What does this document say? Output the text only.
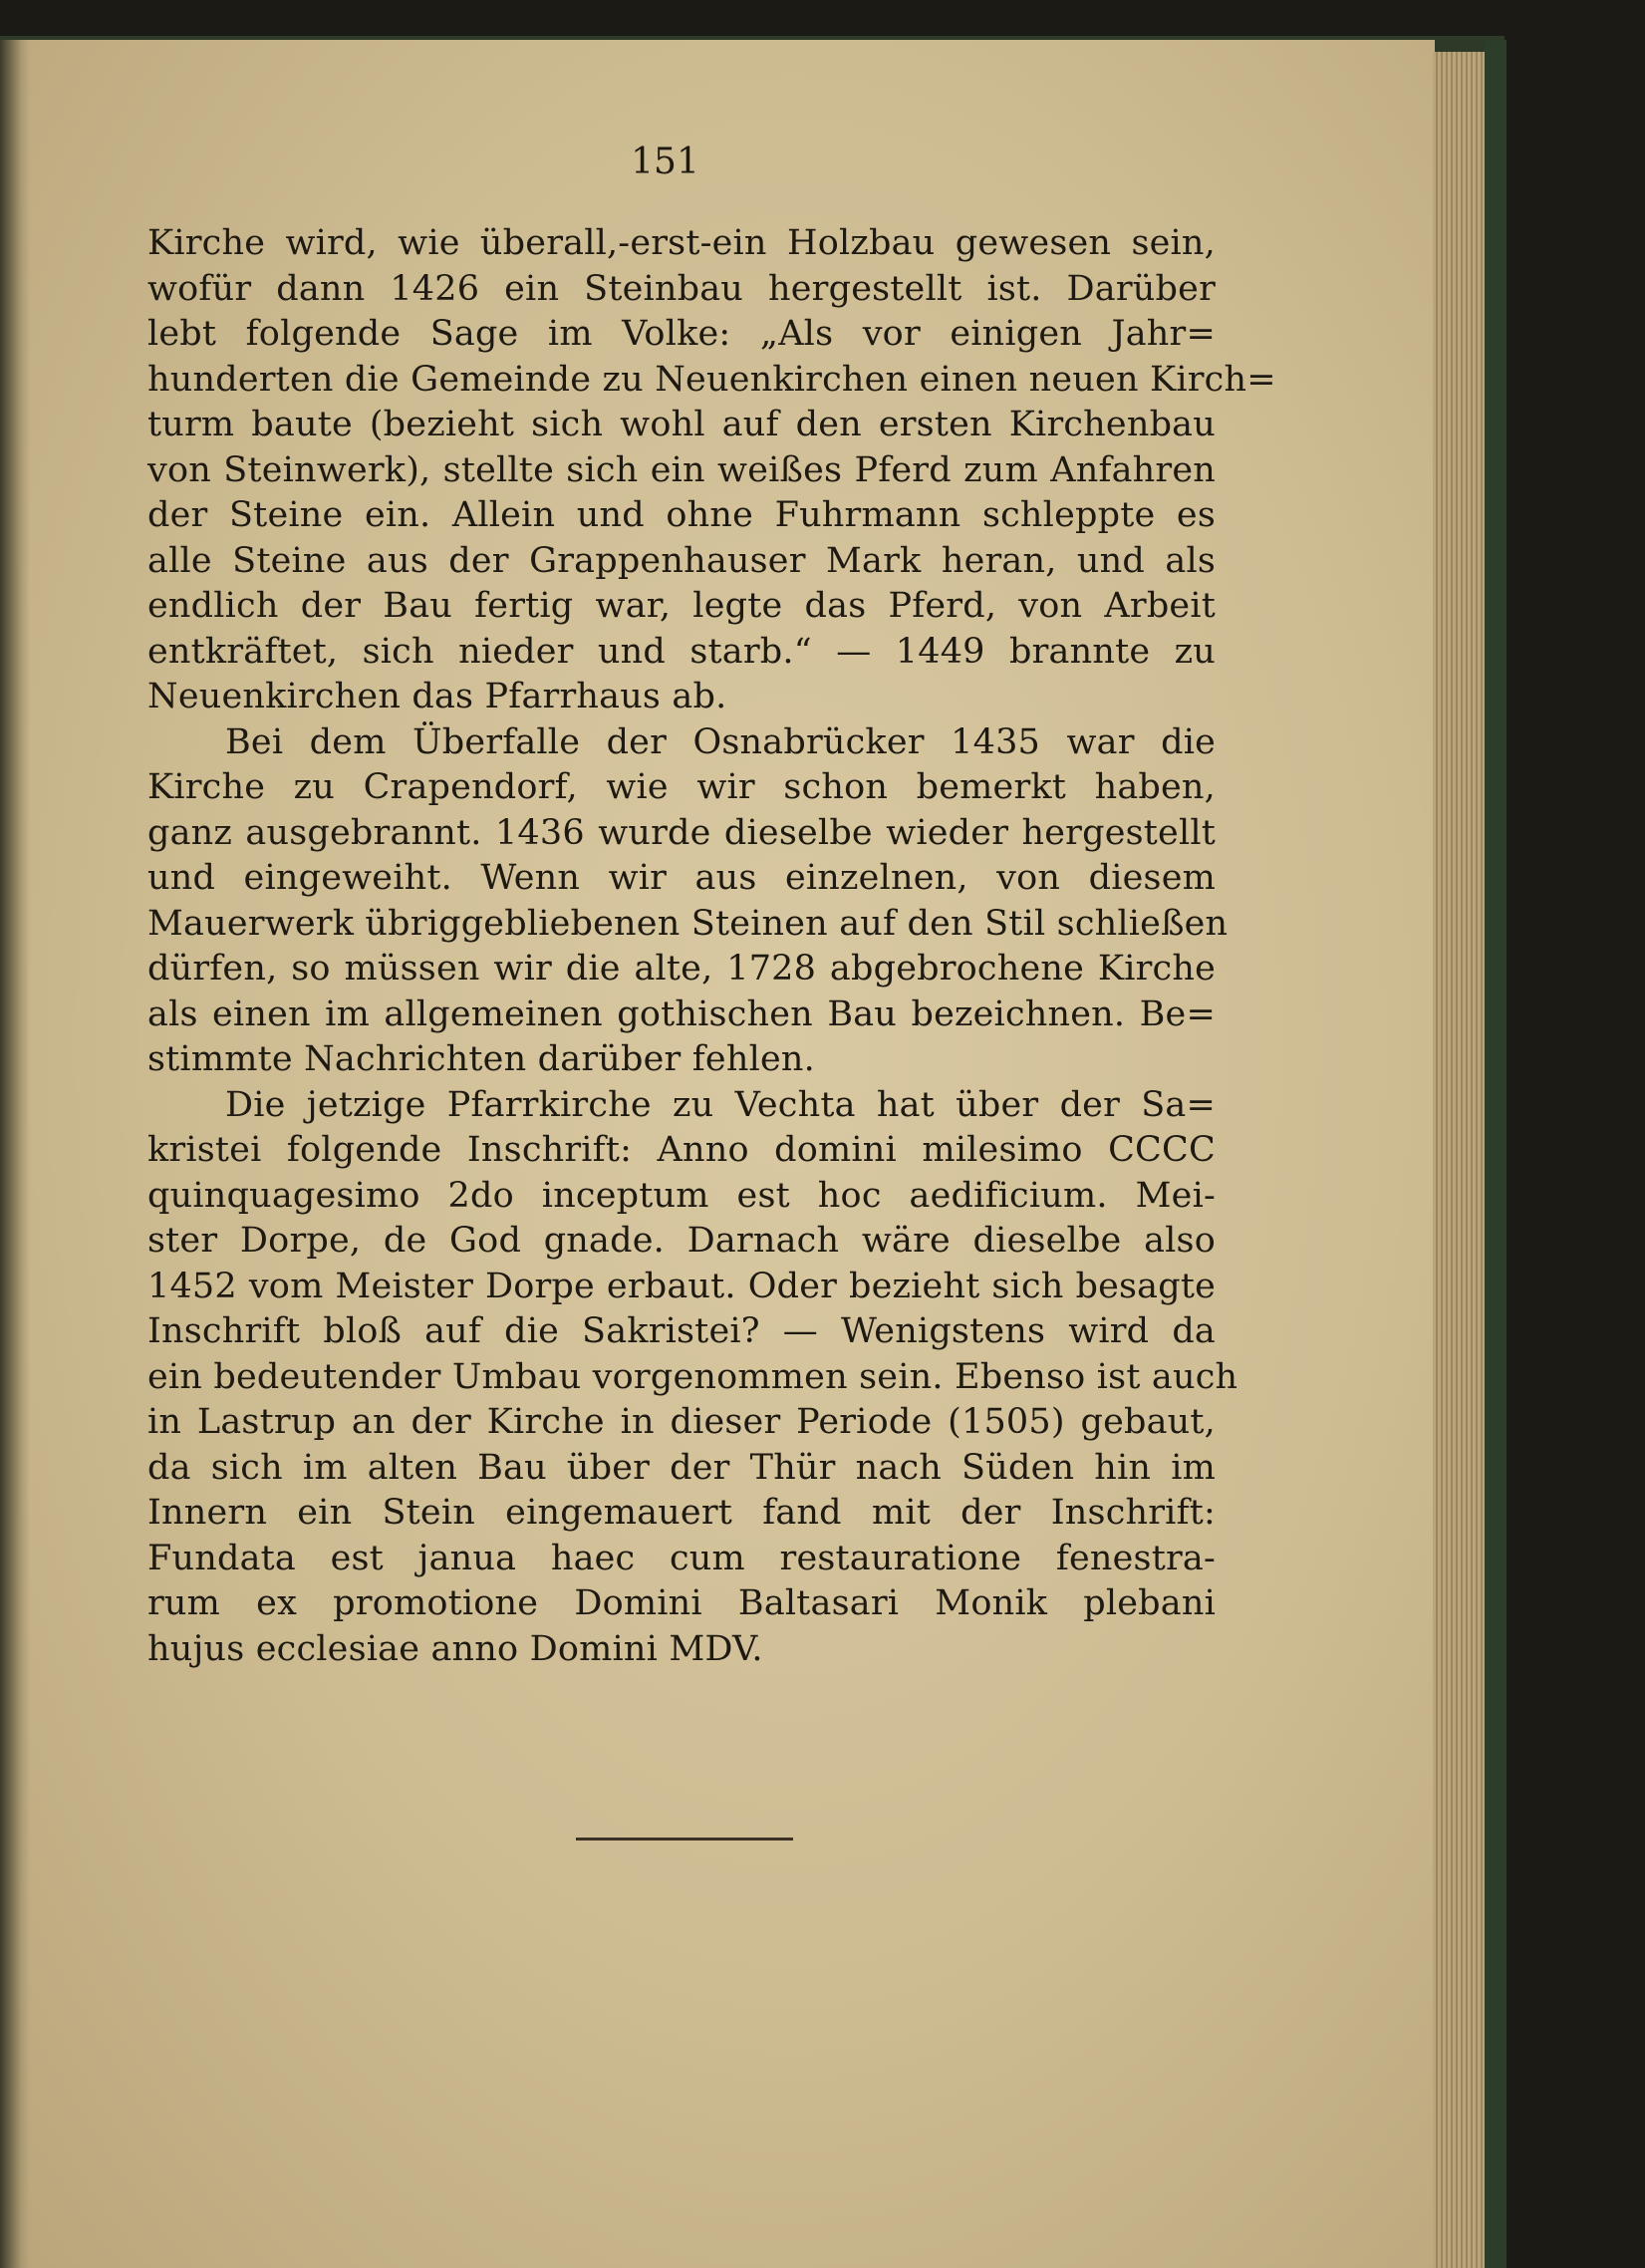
151
Kirche wird, wie überall,-erst-ein Holzbau gewesen sein,
wofür dann 1426 ein Steinbau hergestellt ist. Darüber
lebt folgende Sage im Volke: „Als vor einigen Jahr=
hunderten die Gemeinde zu Neuenkirchen einen neuen Kirch=
turm baute (bezieht sich wohl auf den ersten Kirchenbau
von Steinwerk), stellte sich ein weißes Pferd zum Anfahren
der Steine ein. Allein und ohne Fuhrmann schleppte es
alle Steine aus der Grappenhauser Mark heran, und als
endlich der Bau fertig war, legte das Pferd, von Arbeit
entkräftet, sich nieder und starb.“ — 1449 brannte zu
Neuenkirchen das Pfarrhaus ab.
Bei dem Überfalle der Osnabrücker 1435 war die
Kirche zu Crapendorf, wie wir schon bemerkt haben,
ganz ausgebrannt. 1436 wurde dieselbe wieder hergestellt
und eingeweiht. Wenn wir aus einzelnen, von diesem
Mauerwerk übriggebliebenen Steinen auf den Stil schließen
dürfen, so müssen wir die alte, 1728 abgebrochene Kirche
als einen im allgemeinen gothischen Bau bezeichnen. Be=
stimmte Nachrichten darüber fehlen.
Die jetzige Pfarrkirche zu Vechta hat über der Sa=
kristei folgende Inschrift: Anno domini milesimo CCCC
quinquagesimo 2do inceptum est hoc aedificium. Mei-
ster Dorpe, de God gnade. Darnach wäre dieselbe also
1452 vom Meister Dorpe erbaut. Oder bezieht sich besagte
Inschrift bloß auf die Sakristei? — Wenigstens wird da
ein bedeutender Umbau vorgenommen sein. Ebenso ist auch
in Lastrup an der Kirche in dieser Periode (1505) gebaut,
da sich im alten Bau über der Thür nach Süden hin im
Innern ein Stein eingemauert fand mit der Inschrift:
Fundata est janua haec cum restauratione fenestra-
rum ex promotione Domini Baltasari Monik plebani
hujus ecclesiae anno Domini MDV.
